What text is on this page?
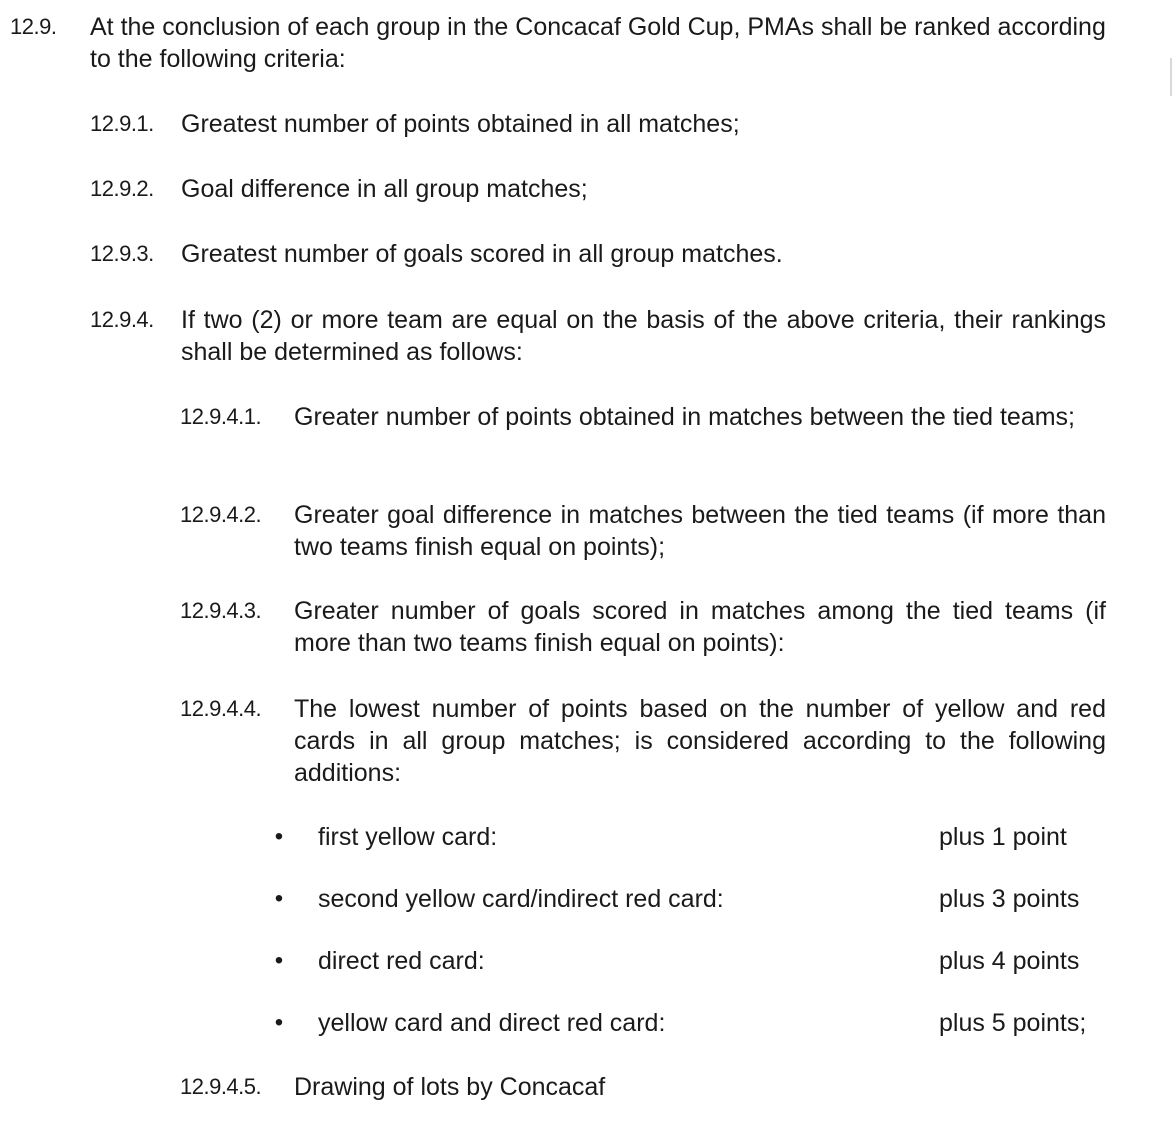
12.9.	At the conclusion of each group in the Concacaf Gold Cup, PMAs shall be ranked according to the following criteria:
12.9.1.	Greatest number of points obtained in all matches;
12.9.2.	Goal difference in all group matches;
12.9.3.	Greatest number of goals scored in all group matches.
12.9.4.	If two (2) or more team are equal on the basis of the above criteria, their rankings shall be determined as follows:
12.9.4.1.	Greater number of points obtained in matches between the tied teams;
12.9.4.2.	Greater goal difference in matches between the tied teams (if more than two teams finish equal on points);
12.9.4.3.	Greater number of goals scored in matches among the tied teams (if more than two teams finish equal on points):
12.9.4.4.	The lowest number of points based on the number of yellow and red cards in all group matches; is considered according to the following additions:
• first yellow card:	plus 1 point
• second yellow card/indirect red card:	plus 3 points
• direct red card:	plus 4 points
• yellow card and direct red card:	plus 5 points;
12.9.4.5.	Drawing of lots by Concacaf
